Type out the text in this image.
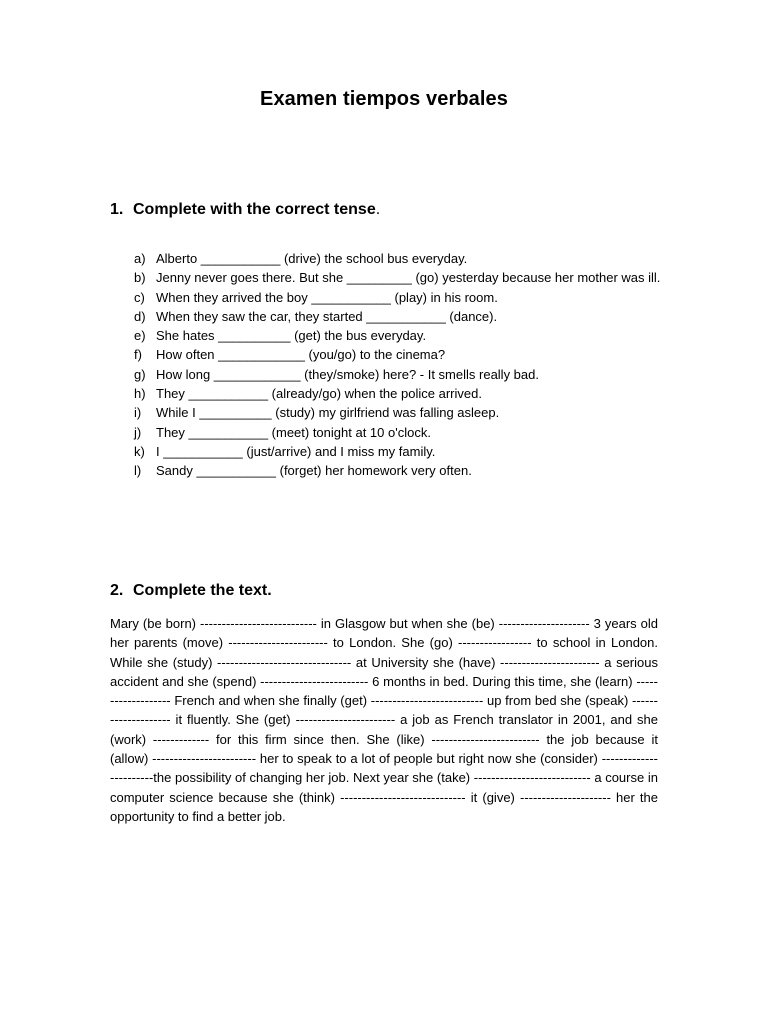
Examen tiempos verbales
1. Complete with the correct tense.
a) Alberto ___________ (drive) the school bus everyday.
b) Jenny never goes there. But she _________ (go) yesterday because her mother was ill.
c) When they arrived the boy ___________ (play) in his room.
d) When they saw the car, they started ___________ (dance).
e) She hates __________ (get) the bus everyday.
f) How often ____________ (you/go) to the cinema?
g) How long ____________ (they/smoke) here? - It smells really bad.
h) They ___________ (already/go) when the police arrived.
i) While I __________ (study) my girlfriend was falling asleep.
j) They ___________ (meet) tonight at 10 o'clock.
k) I ___________ (just/arrive) and I miss my family.
l) Sandy ___________ (forget) her homework very often.
2. Complete the text.

Mary (be born) --------------------------- in Glasgow but when she (be) --------------------- 3 years old her parents (move) ----------------------- to London. She (go) ----------------- to school in London. While she (study) ------------------------------- at University she (have) ----------------------- a serious accident and she (spend) ------------------------- 6 months in bed. During this time, she (learn) ------------------- French and when she finally (get) -------------------------- up from bed she (speak) -------------------- it fluently. She (get) ----------------------- a job as French translator in 2001, and she (work) ------------- for this firm since then. She (like) ------------------------- the job because it (allow) ------------------------ her to speak to a lot of people but right now she (consider) -----------------------the possibility of changing her job. Next year she (take) --------------------------- a course in computer science because she (think) ----------------------------- it (give) --------------------- her the opportunity to find a better job.
